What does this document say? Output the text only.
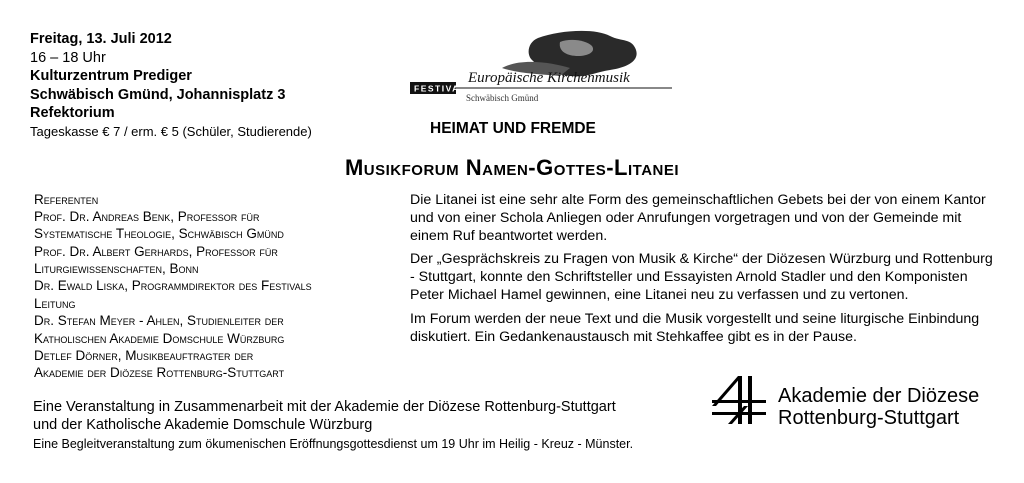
Freitag, 13. Juli 2012
16 – 18 Uhr
Kulturzentrum Prediger
Schwäbisch Gmünd, Johannisplatz 3
Refektorium
Tageskasse € 7 / erm. € 5 (Schüler, Studierende)
FESTIVAL
Europäische Kirchenmusik
Schwäbisch Gmünd
HEIMAT UND FREMDE
Musikforum Namen-Gottes-Litanei
Referenten
Prof. Dr. Andreas Benk, Professor für
Systematische Theologie, Schwäbisch Gmünd
Prof. Dr. Albert Gerhards, Professor für
Liturgiewissenschaften, Bonn
Dr. Ewald Liska, Programmdirektor des Festivals
Leitung
Dr. Stefan Meyer - Ahlen, Studienleiter der
Katholischen Akademie Domschule Würzburg
Detlef Dörner, Musikbeauftragter der
Akademie der Diözese Rottenburg-Stuttgart

Die Litanei ist eine sehr alte Form des gemeinschaftlichen Gebets bei der von einem Kantor und von einer Schola Anliegen oder Anrufungen vorgetragen und von der Gemeinde mit einem Ruf beantwortet werden.

Der „Gesprächskreis zu Fragen von Musik & Kirche“ der Diözesen Würzburg und Rottenburg - Stuttgart, konnte den Schriftsteller und Essayisten Arnold Stadler und den Komponisten Peter Michael Hamel gewinnen, eine Litanei neu zu verfassen und zu vertonen.

Im Forum werden der neue Text und die Musik vorgestellt und seine liturgische Einbindung diskutiert. Ein Gedankenaustausch mit Stehkaffee gibt es in der Pause.

Eine Veranstaltung in Zusammenarbeit mit der Akademie der Diözese Rottenburg-Stuttgart
und der Katholische Akademie Domschule Würzburg
Eine Begleitveranstaltung zum ökumenischen Eröffnungsgottesdienst um 19 Uhr im Heilig - Kreuz - Münster.
Akademie der Diözese
Rottenburg-Stuttgart
